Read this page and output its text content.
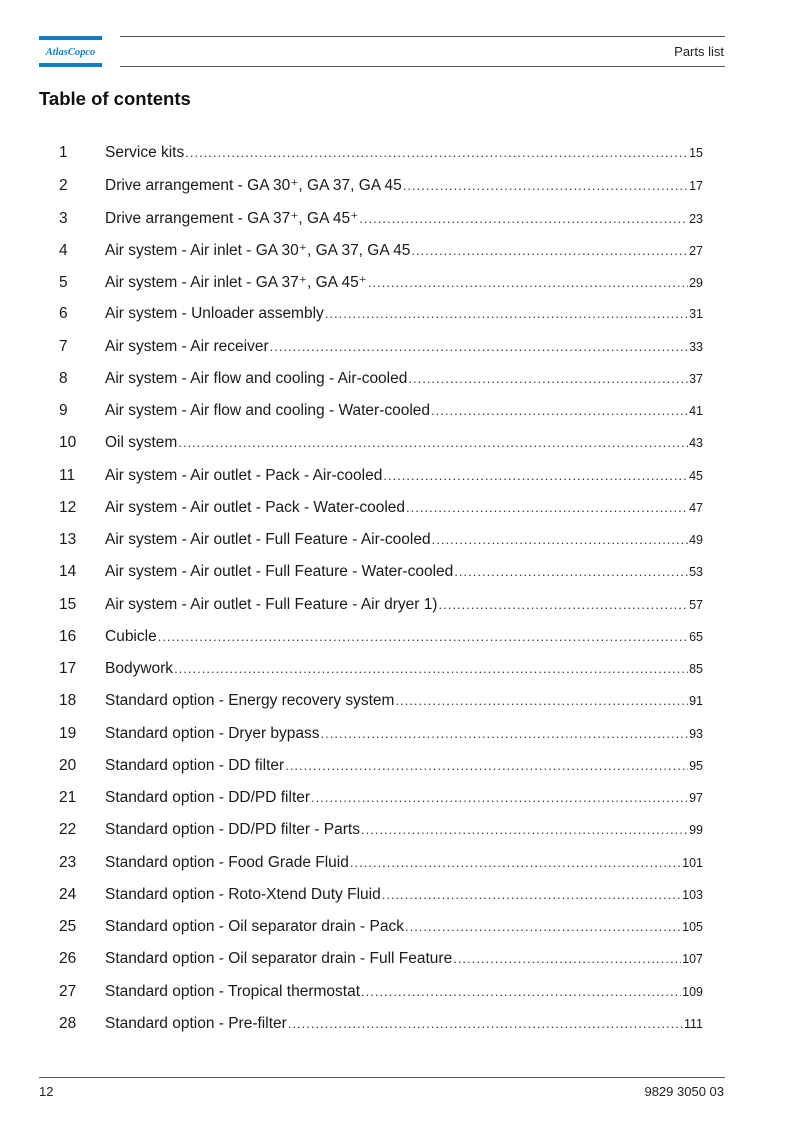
AtlasCopco	Parts list
Table of contents
1	Service kits .....	15
2	Drive arrangement - GA 30⁺, GA 37, GA 45 .....	17
3	Drive arrangement - GA 37⁺, GA 45⁺ .....	23
4	Air system - Air inlet - GA 30⁺, GA 37, GA 45 .....	27
5	Air system - Air inlet - GA 37⁺, GA 45⁺ .....	29
6	Air system - Unloader assembly .....	31
7	Air system - Air receiver .....	33
8	Air system - Air flow and cooling - Air-cooled .....	37
9	Air system - Air flow and cooling - Water-cooled .....	41
10	Oil system .....	43
11	Air system - Air outlet - Pack - Air-cooled .....	45
12	Air system - Air outlet - Pack - Water-cooled .....	47
13	Air system - Air outlet - Full Feature - Air-cooled .....	49
14	Air system - Air outlet - Full Feature - Water-cooled .....	53
15	Air system - Air outlet - Full Feature - Air dryer 1) .....	57
16	Cubicle .....	65
17	Bodywork .....	85
18	Standard option - Energy recovery system .....	91
19	Standard option - Dryer bypass .....	93
20	Standard option - DD filter .....	95
21	Standard option - DD/PD filter .....	97
22	Standard option - DD/PD filter - Parts .....	99
23	Standard option - Food Grade Fluid .....	101
24	Standard option - Roto-Xtend Duty Fluid .....	103
25	Standard option - Oil separator drain - Pack .....	105
26	Standard option - Oil separator drain - Full Feature .....	107
27	Standard option - Tropical thermostat .....	109
28	Standard option - Pre-filter .....	111
12	9829 3050 03
